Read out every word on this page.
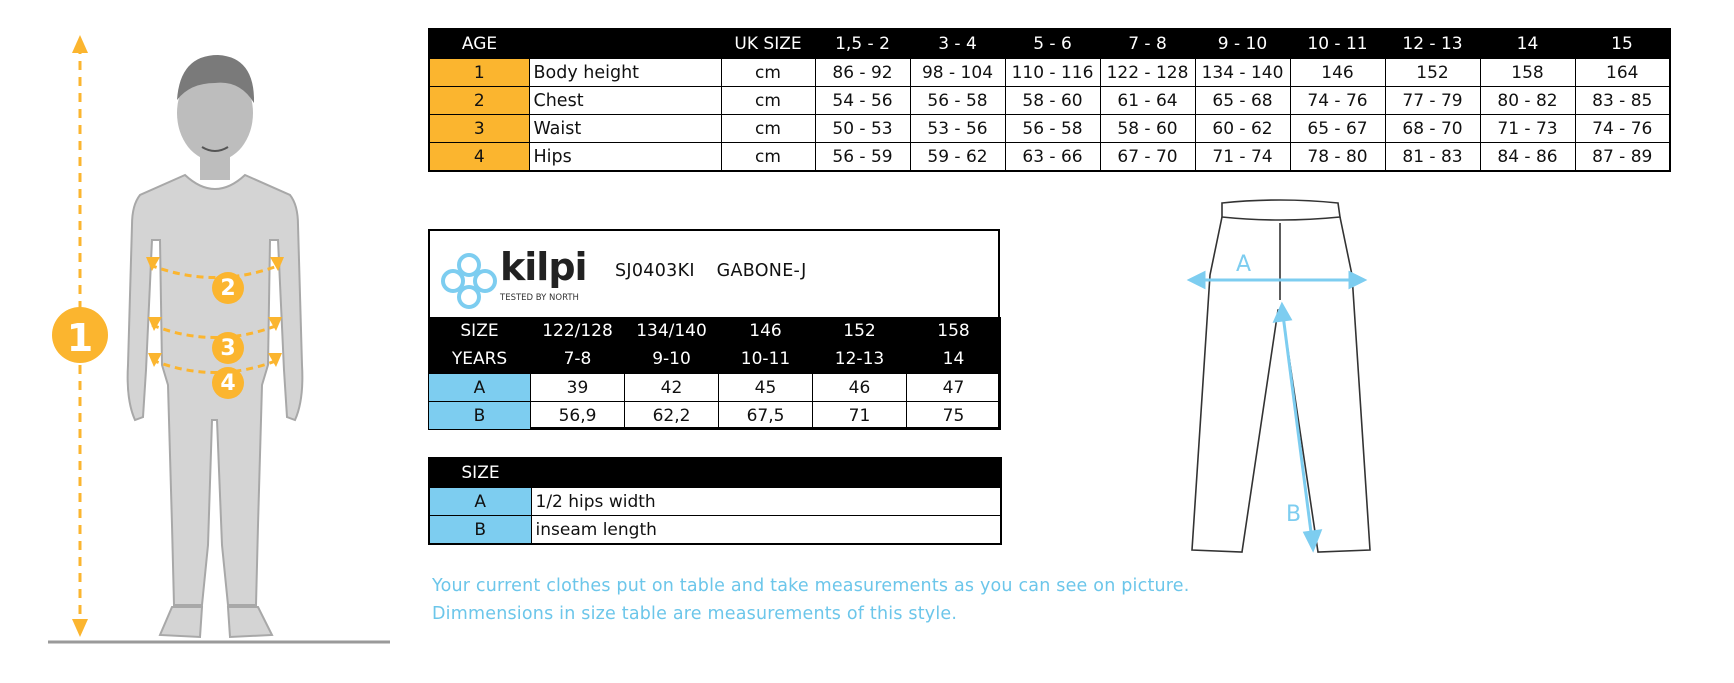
1
2
3
4
AGE		UK SIZE	1,5 - 2	3 - 4	5 - 6	7 - 8	9 - 10	10 - 11	12 - 13	14	15
1	Body height	cm	86 - 92	98 - 104	110 - 116	122 - 128	134 - 140	146	152	158	164
2	Chest	cm	54 - 56	56 - 58	58 - 60	61 - 64	65 - 68	74 - 76	77 - 79	80 - 82	83 - 85
3	Waist	cm	50 - 53	53 - 56	56 - 58	58 - 60	60 - 62	65 - 67	68 - 70	71 - 73	74 - 76
4	Hips	cm	56 - 59	59 - 62	63 - 66	67 - 70	71 - 74	78 - 80	81 - 83	84 - 86	87 - 89
kilpi
TESTED BY NORTH
SJ0403KI GABONE-J
SIZE	122/128	134/140	146	152	158
YEARS	7-8	9-10	10-11	12-13	14
A	39	42	45	46	47
B	56,9	62,2	67,5	71	75
SIZE	
A	1/2 hips width
B	inseam length
Your current clothes put on table and take measurements as you can see on picture.
Dimmensions in size table are measurements of this style.
A
B
